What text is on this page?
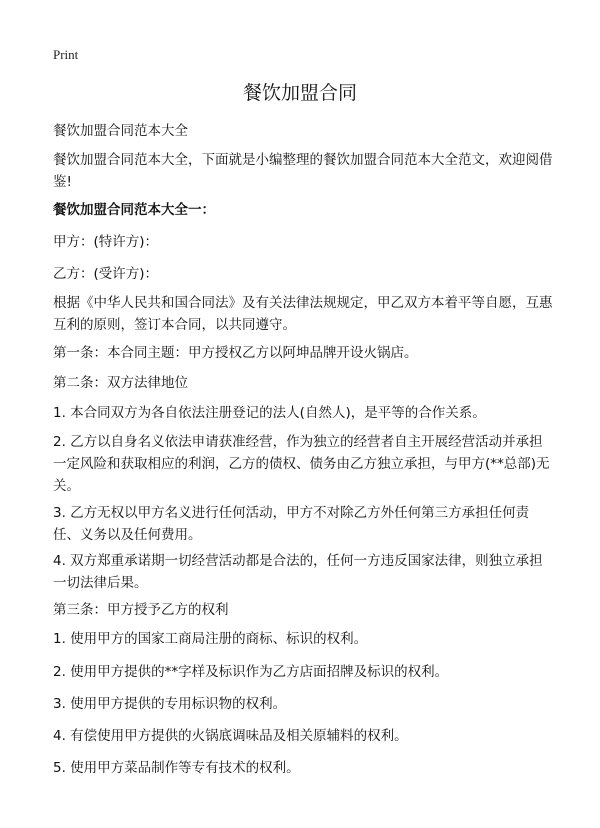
Print
餐饮加盟合同

餐饮加盟合同范本大全

餐饮加盟合同范本大全，下面就是小编整理的餐饮加盟合同范本大全范文，欢迎阅借鉴!

餐饮加盟合同范本大全一：

甲方：(特许方)：

乙方：(受许方)：

根据《中华人民共和国合同法》及有关法律法规规定，甲乙双方本着平等自愿，互惠互利的原则，签订本合同，以共同遵守。

第一条：本合同主题：甲方授权乙方以阿坤品牌开设火锅店。

第二条：双方法律地位

1. 本合同双方为各自依法注册登记的法人(自然人)，是平等的合作关系。

2. 乙方以自身名义依法申请获准经营，作为独立的经营者自主开展经营活动并承担一定风险和获取相应的利润，乙方的债权、债务由乙方独立承担，与甲方(**总部)无关。

3. 乙方无权以甲方名义进行任何活动，甲方不对除乙方外任何第三方承担任何责任、义务以及任何费用。

4. 双方郑重承诺期一切经营活动都是合法的，任何一方违反国家法律，则独立承担一切法律后果。

第三条：甲方授予乙方的权利

1. 使用甲方的国家工商局注册的商标、标识的权利。

2. 使用甲方提供的**字样及标识作为乙方店面招牌及标识的权利。

3. 使用甲方提供的专用标识物的权利。

4. 有偿使用甲方提供的火锅底调味品及相关原辅料的权利。

5. 使用甲方菜品制作等专有技术的权利。
